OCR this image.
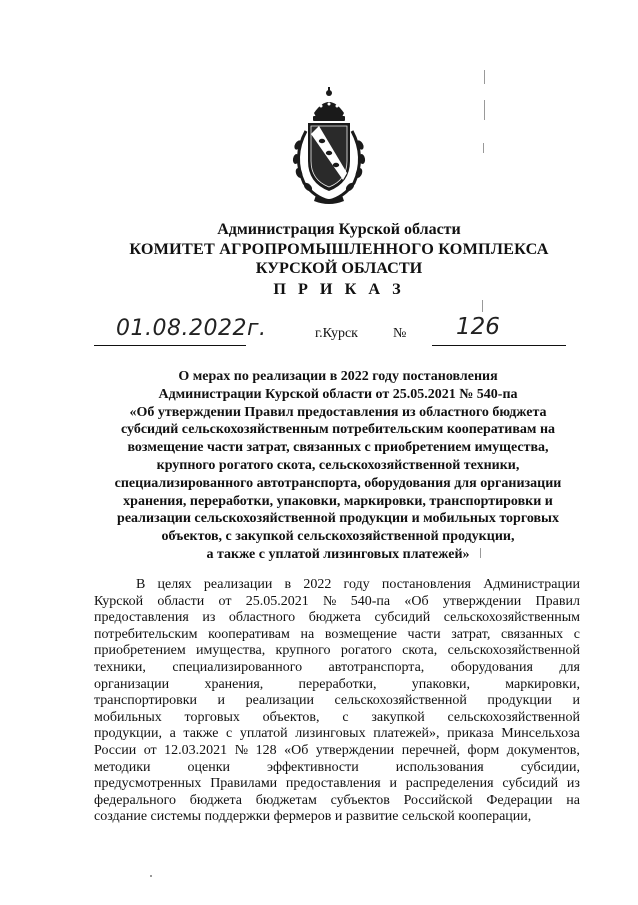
Администрация Курской области
КОМИТЕТ АГРОПРОМЫШЛЕННОГО КОМПЛЕКСА
КУРСКОЙ ОБЛАСТИ
П Р И К А З
01.08.2022г.	г.Курск	№ 126
О мерах по реализации в 2022 году постановления
Администрации Курской области от 25.05.2021 № 540-па
«Об утверждении Правил предоставления из областного бюджета
субсидий сельскохозяйственным потребительским кооперативам на
возмещение части затрат, связанных с приобретением имущества,
крупного рогатого скота, сельскохозяйственной техники,
специализированного автотранспорта, оборудования для организации
хранения, переработки, упаковки, маркировки, транспортировки и
реализации сельскохозяйственной продукции и мобильных торговых
объектов, с закупкой сельскохозяйственной продукции,
а также с уплатой лизинговых платежей»
В целях реализации в 2022 году постановления Администрации
Курской области от 25.05.2021 № 540-па «Об утверждении Правил
предоставления из областного бюджета субсидий сельскохозяйственным
потребительским кооперативам на возмещение части затрат, связанных с
приобретением имущества, крупного рогатого скота, сельскохозяйственной
техники, специализированного автотранспорта, оборудования для
организации	хранения,	переработки,	упаковки,	маркировки,
транспортировки и реализации сельскохозяйственной продукции и
мобильных торговых объектов, с закупкой сельскохозяйственной
продукции, а также с уплатой лизинговых платежей», приказа Минсельхоза
России от 12.03.2021 № 128 «Об утверждении перечней, форм документов,
методики	оценки	эффективности	использования	субсидии,
предусмотренных Правилами предоставления и распределения субсидий из
федерального бюджета бюджетам субъектов Российской Федерации на
создание системы поддержки фермеров и развитие сельской кооперации,
